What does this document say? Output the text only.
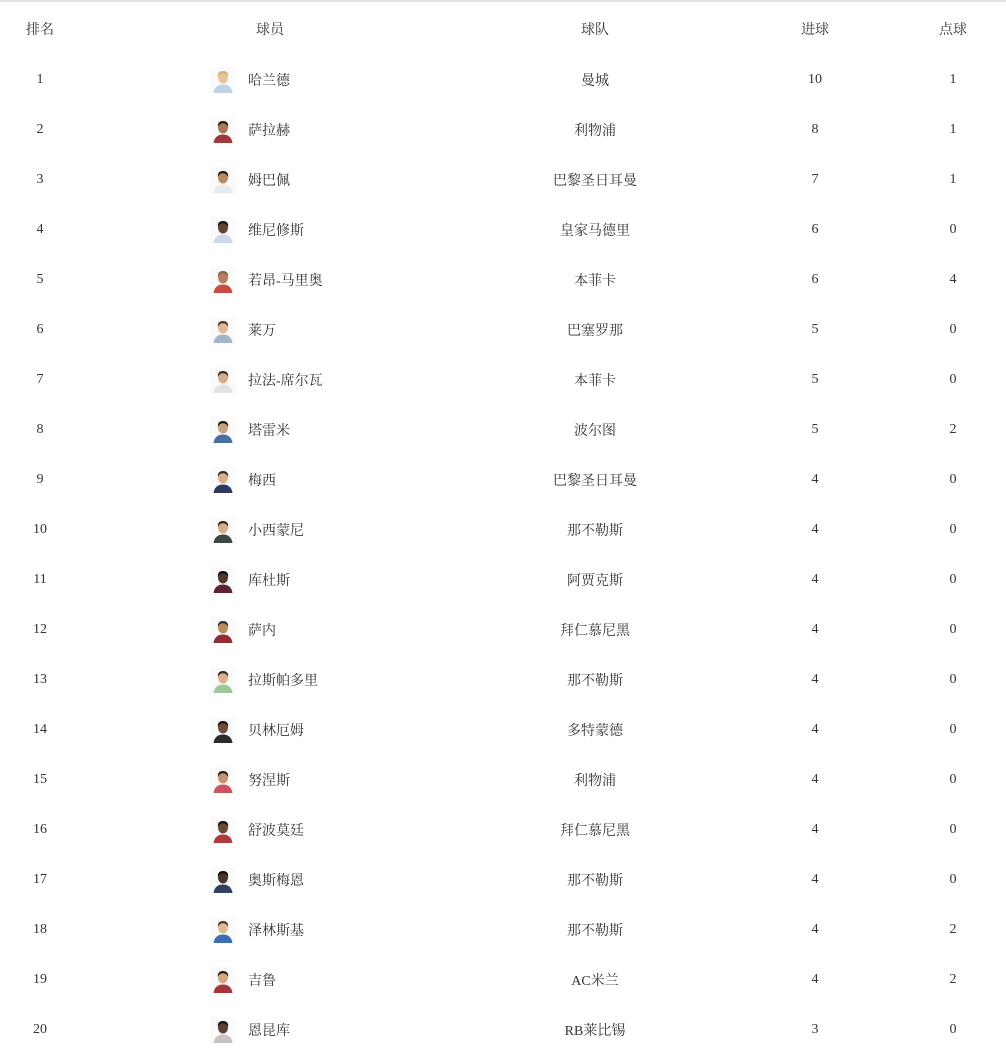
排名	球员	球队	进球	点球
1	哈兰德	曼城	10	1
2	萨拉赫	利物浦	8	1
3	姆巴佩	巴黎圣日耳曼	7	1
4	维尼修斯	皇家马德里	6	0
5	若昂-马里奥	本菲卡	6	4
6	莱万	巴塞罗那	5	0
7	拉法-席尔瓦	本菲卡	5	0
8	塔雷米	波尔图	5	2
9	梅西	巴黎圣日耳曼	4	0
10	小西蒙尼	那不勒斯	4	0
11	库杜斯	阿贾克斯	4	0
12	萨内	拜仁慕尼黑	4	0
13	拉斯帕多里	那不勒斯	4	0
14	贝林厄姆	多特蒙德	4	0
15	努涅斯	利物浦	4	0
16	舒波莫廷	拜仁慕尼黑	4	0
17	奥斯梅恩	那不勒斯	4	0
18	泽林斯基	那不勒斯	4	2
19	吉鲁	AC米兰	4	2
20	恩昆库	RB莱比锡	3	0
